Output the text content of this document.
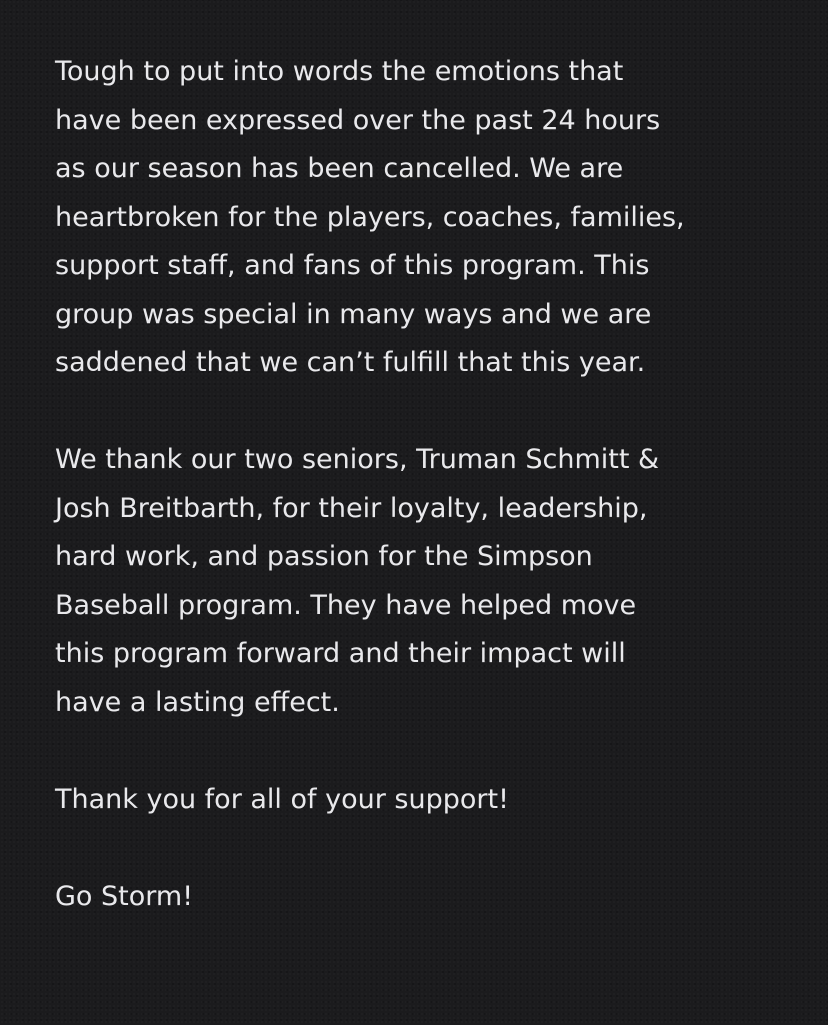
Tough to put into words the emotions that
have been expressed over the past 24 hours
as our season has been cancelled. We are
heartbroken for the players, coaches, families,
support staff, and fans of this program. This
group was special in many ways and we are
saddened that we can’t fulfill that this year.

We thank our two seniors, Truman Schmitt &
Josh Breitbarth, for their loyalty, leadership,
hard work, and passion for the Simpson
Baseball program. They have helped move
this program forward and their impact will
have a lasting effect.

Thank you for all of your support!

Go Storm!
